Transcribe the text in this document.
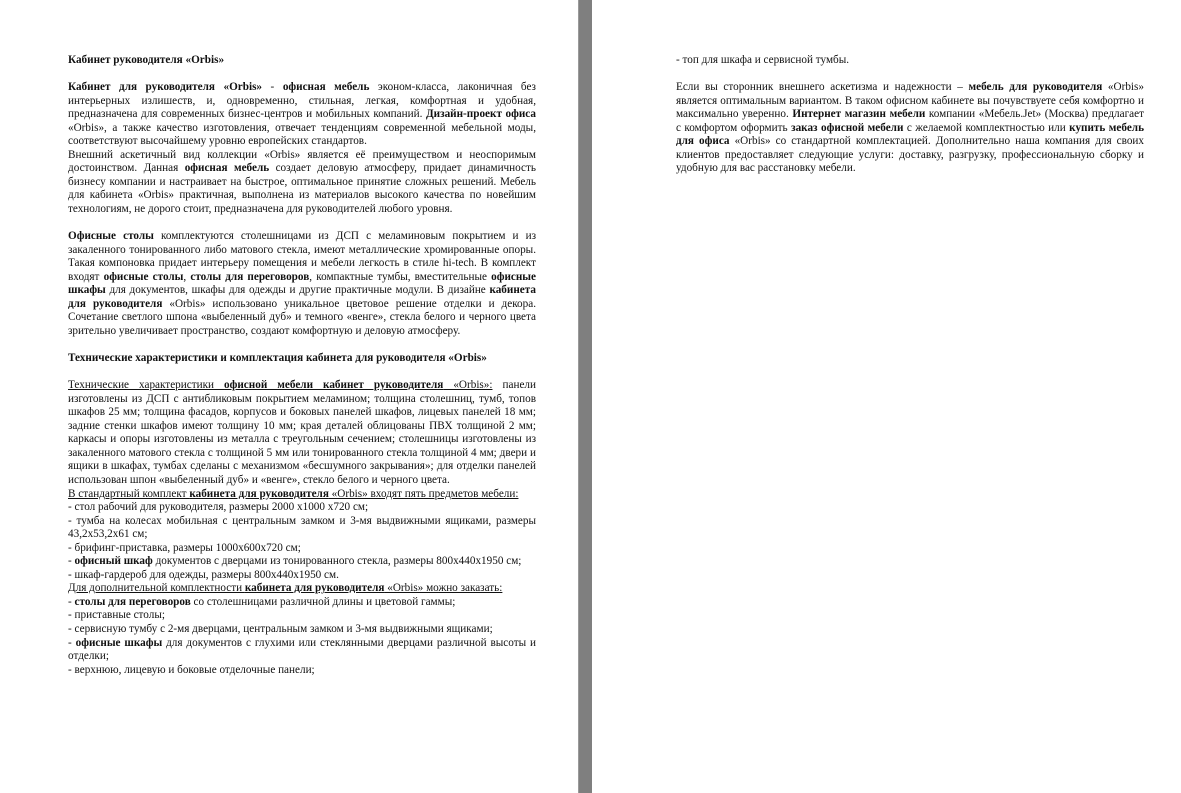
Кабинет руководителя «Orbis»

Кабинет для руководителя «Orbis» - офисная мебель эконом-класса, лаконичная без интерьерных излишеств, и, одновременно, стильная, легкая, комфортная и удобная, предназначена для современных бизнес-центров и мобильных компаний. Дизайн-проект офиса «Orbis», а также качество изготовления, отвечает тенденциям современной мебельной моды, соответствуют высочайшему уровню европейских стандартов.

Внешний аскетичный вид коллекции «Orbis» является её преимуществом и неоспоримым достоинством. Данная офисная мебель создает деловую атмосферу, придает динамичность бизнесу компании и настраивает на быстрое, оптимальное принятие сложных решений. Мебель для кабинета «Orbis» практичная, выполнена из материалов высокого качества по новейшим технологиям, не дорого стоит, предназначена для руководителей любого уровня.

Офисные столы комплектуются столешницами из ДСП с меламиновым покрытием и из закаленного тонированного либо матового стекла, имеют металлические хромированные опоры. Такая компоновка придает интерьеру помещения и мебели легкость в стиле hi-tech. В комплект входят офисные столы, столы для переговоров, компактные тумбы, вместительные офисные шкафы для документов, шкафы для одежды и другие практичные модули. В дизайне кабинета для руководителя «Orbis» использовано уникальное цветовое решение отделки и декора. Сочетание светлого шпона «выбеленный дуб» и темного «венге», стекла белого и черного цвета зрительно увеличивает пространство, создают комфортную и деловую атмосферу.

Технические характеристики и комплектация кабинета для руководителя «Orbis»

Технические характеристики офисной мебели кабинет руководителя «Orbis»: панели изготовлены из ДСП с антибликовым покрытием меламином; толщина столешниц, тумб, топов шкафов 25 мм; толщина фасадов, корпусов и боковых панелей шкафов, лицевых панелей 18 мм; задние стенки шкафов имеют толщину 10 мм; края деталей облицованы ПВХ толщиной 2 мм; каркасы и опоры изготовлены из металла с треугольным сечением; столешницы изготовлены из закаленного матового стекла с толщиной 5 мм или тонированного стекла толщиной 4 мм; двери и ящики в шкафах, тумбах сделаны с механизмом «бесшумного закрывания»; для отделки панелей использован шпон «выбеленный дуб» и «венге», стекло белого и черного цвета.

В стандартный комплект кабинета для руководителя «Orbis» входят пять предметов мебели:

- стол рабочий для руководителя, размеры 2000 х1000 х720 см;

- тумба на колесах мобильная с центральным замком и 3-мя выдвижными ящиками, размеры 43,2х53,2х61 см;

- брифинг-приставка, размеры 1000х600х720 см;

- офисный шкаф документов с дверцами из тонированного стекла, размеры 800х440х1950 см;

- шкаф-гардероб для одежды, размеры 800х440х1950 см.

Для дополнительной комплектности кабинета для руководителя «Orbis» можно заказать:

- столы для переговоров со столешницами различной длины и цветовой гаммы;

- приставные столы;

- сервисную тумбу с 2-мя дверцами, центральным замком и 3-мя выдвижными ящиками;

- офисные шкафы для документов с глухими или стеклянными дверцами различной высоты и отделки;

- верхнюю, лицевую и боковые отделочные панели;

- топ для шкафа и сервисной тумбы.

Если вы сторонник внешнего аскетизма и надежности – мебель для руководителя «Orbis» является оптимальным вариантом. В таком офисном кабинете вы почувствуете себя комфортно и максимально уверенно. Интернет магазин мебели компании «Мебель.Jet» (Москва) предлагает с комфортом оформить заказ офисной мебели с желаемой комплектностью или купить мебель для офиса «Orbis» со стандартной комплектацией. Дополнительно наша компания для своих клиентов предоставляет следующие услуги: доставку, разгрузку, профессиональную сборку и удобную для вас расстановку мебели.
